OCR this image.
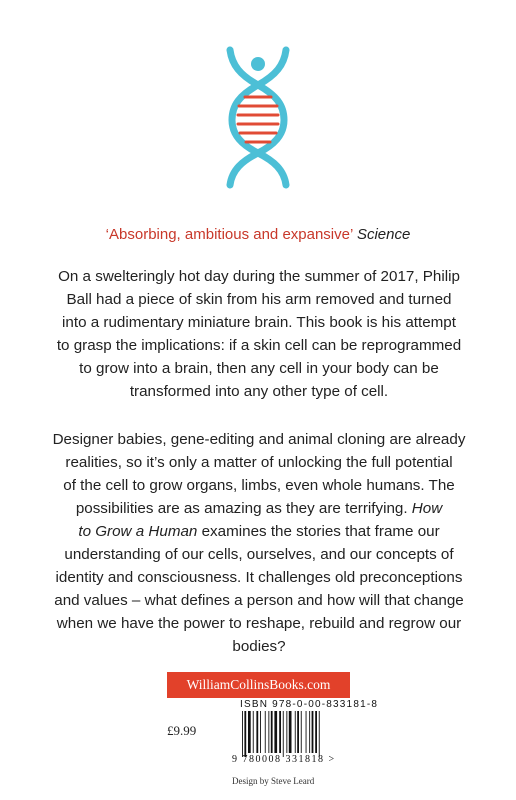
‘Absorbing, ambitious and expansive’ Science
On a swelteringly hot day during the summer of 2017, Philip
Ball had a piece of skin from his arm removed and turned
into a rudimentary miniature brain. This book is his attempt
to grasp the implications: if a skin cell can be reprogrammed
to grow into a brain, then any cell in your body can be
transformed into any other type of cell.
Designer babies, gene-editing and animal cloning are already
realities, so it’s only a matter of unlocking the full potential
of the cell to grow organs, limbs, even whole humans. The
possibilities are as amazing as they are terrifying. How
to Grow a Human examines the stories that frame our
understanding of our cells, ourselves, and our concepts of
identity and consciousness. It challenges old preconceptions
and values – what defines a person and how will that change
when we have the power to reshape, rebuild and regrow our
bodies?
WilliamCollinsBooks.com
ISBN 978-0-00-833181-8
£9.99
9 780008 331818 >
Design by Steve Leard
